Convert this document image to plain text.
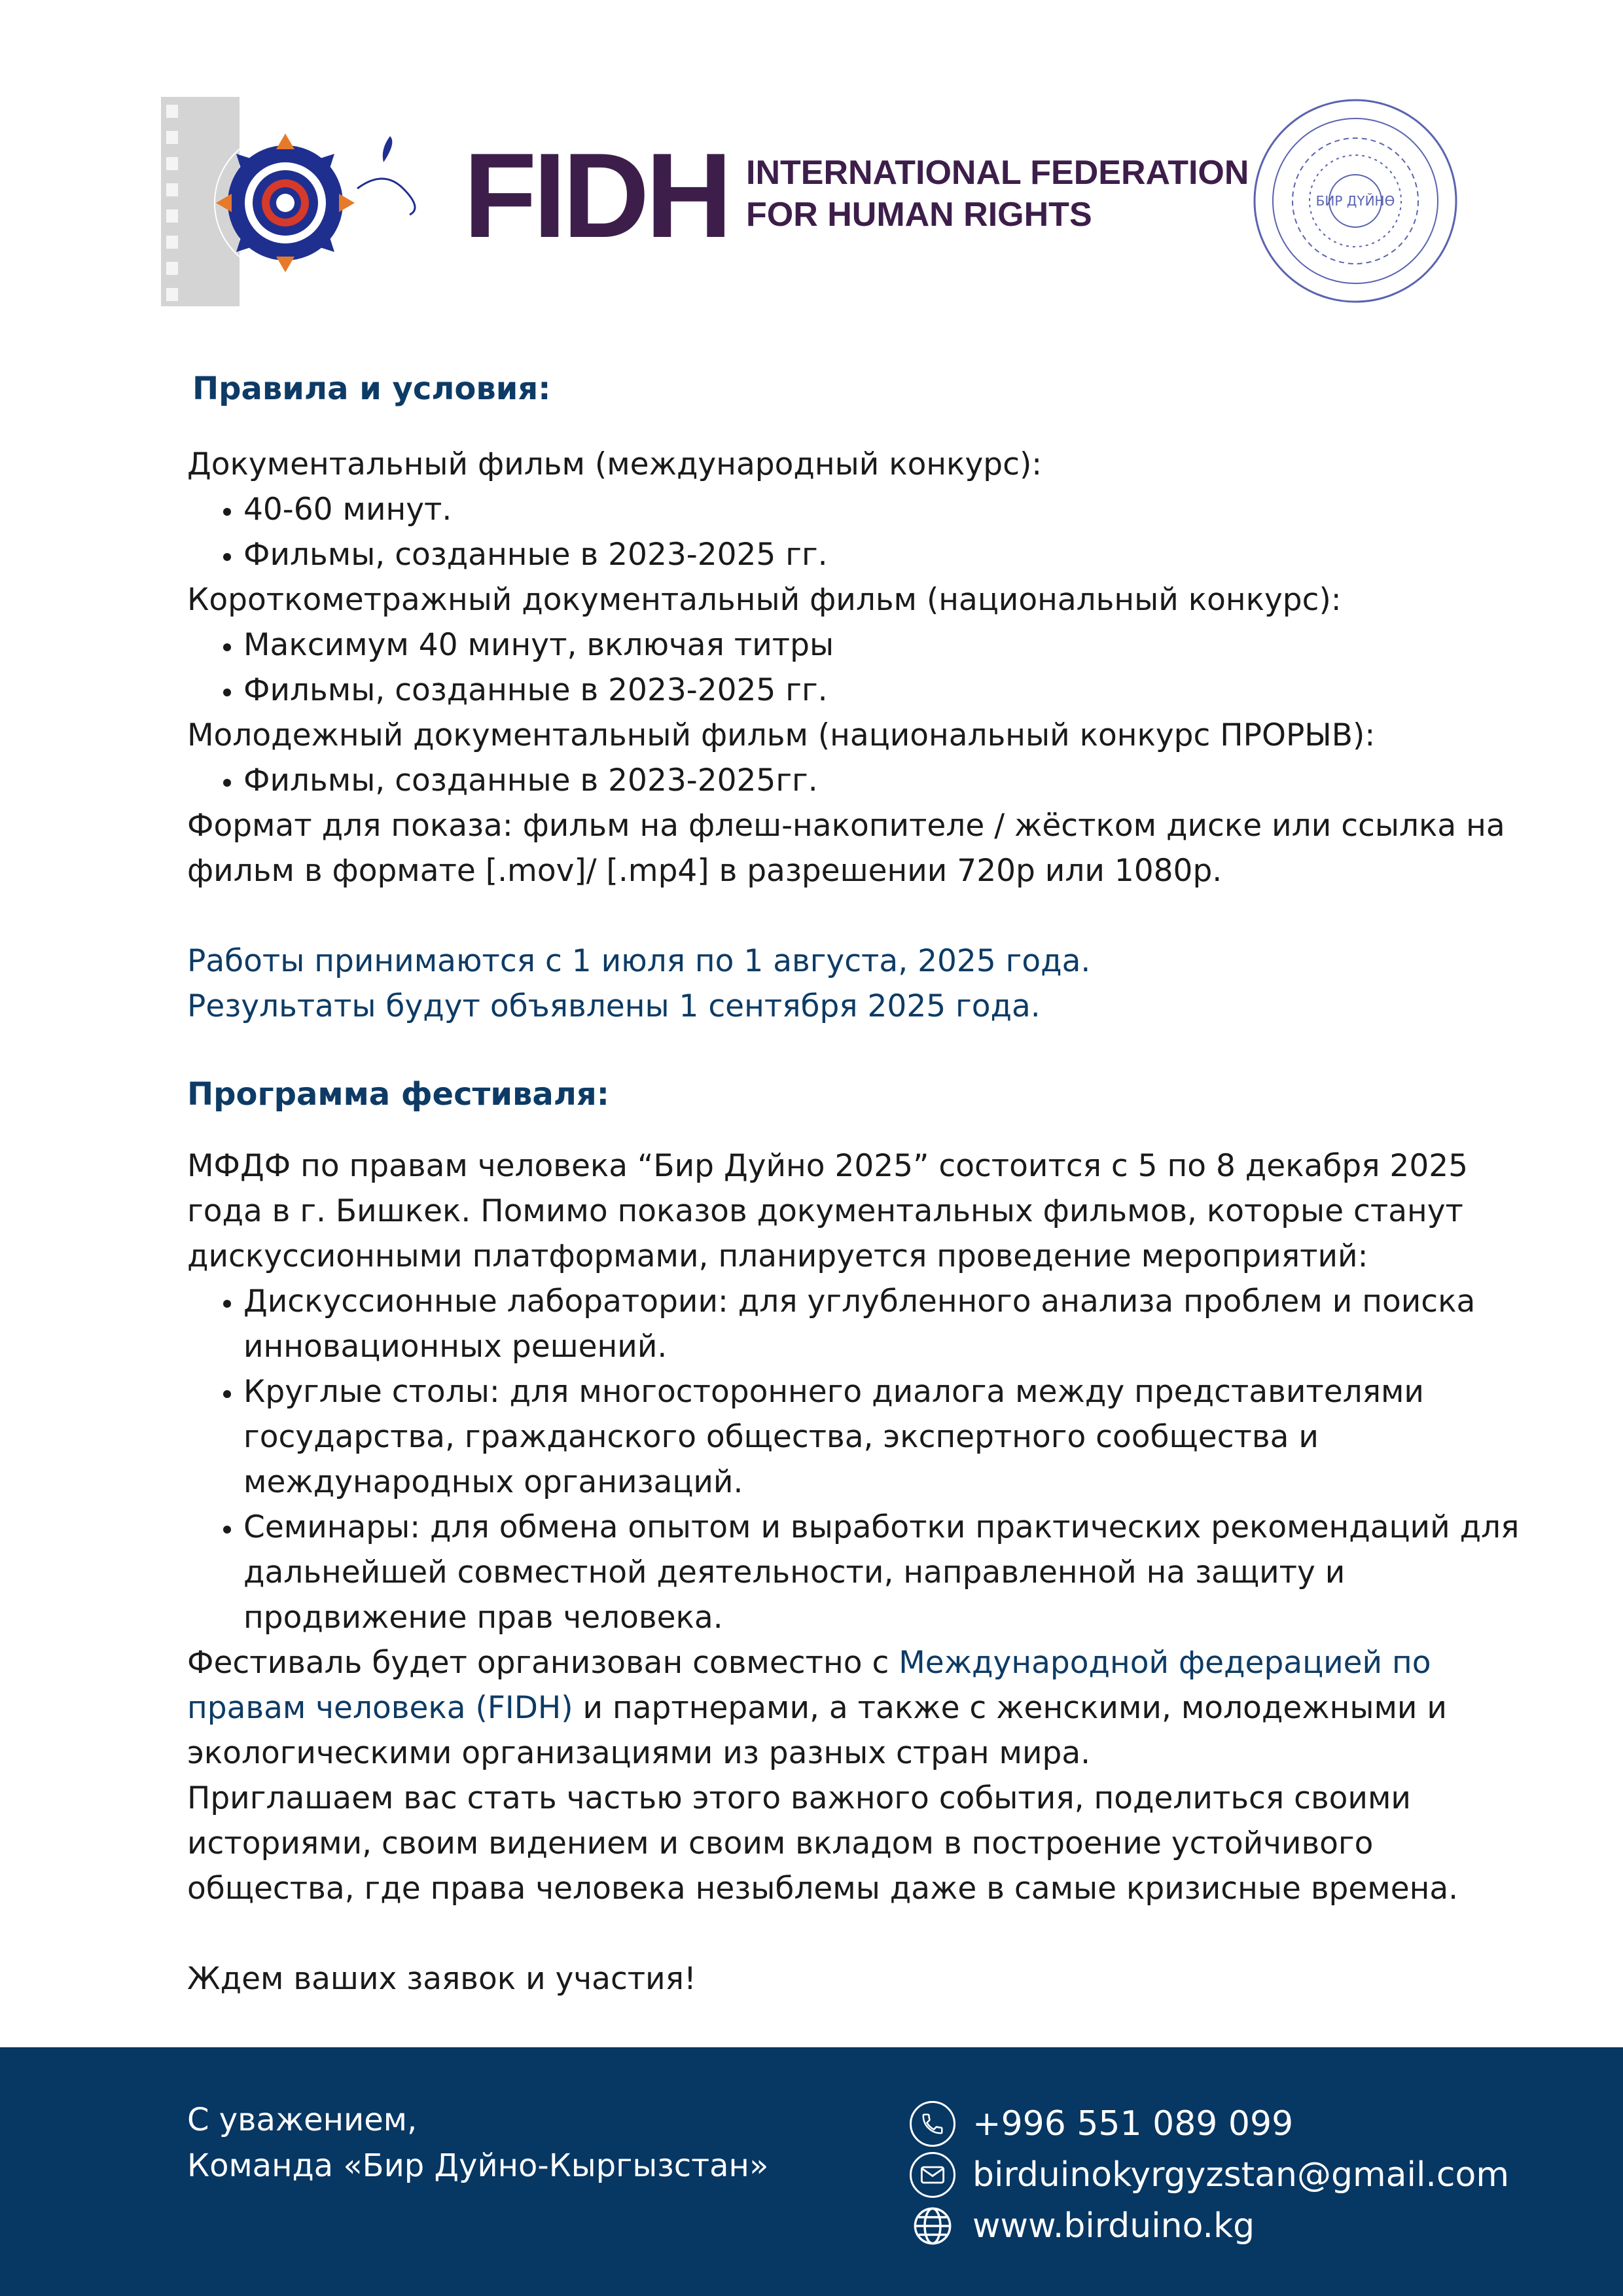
FIDH INTERNATIONAL FEDERATION
FOR HUMAN RIGHTS	БИР ДҮЙНӨ

Правила и условия:

Документальный фильм (международный конкурс):

• 40-60 минут.
• Фильмы, созданные в 2023-2025 гг.

Короткометражный документальный фильм (национальный конкурс):

• Максимум 40 минут, включая титры
• Фильмы, созданные в 2023-2025 гг.

Молодежный документальный фильм (национальный конкурс ПРОРЫВ):

• Фильмы, созданные в 2023-2025гг.

Формат для показа: фильм на флеш-накопителе / жёстком диске или ссылка на фильм в формате [.mov]/ [.mp4] в разрешении 720p или 1080p.

Работы принимаются с 1 июля по 1 августа, 2025 года.

Результаты будут объявлены 1 сентября 2025 года.

Программа фестиваля:

МФДФ по правам человека “Бир Дуйно 2025” состоится с 5 по 8 декабря 2025 года в г. Бишкек. Помимо показов документальных фильмов, которые станут дискуссионными платформами, планируется проведение мероприятий:

• Дискуссионные лаборатории: для углубленного анализа проблем и поиска инновационных решений.
• Круглые столы: для многостороннего диалога между представителями государства, гражданского общества, экспертного сообщества и международных организаций.
• Семинары: для обмена опытом и выработки практических рекомендаций для дальнейшей совместной деятельности, направленной на защиту и продвижение прав человека.

Фестиваль будет организован совместно с Международной федерацией по правам человека (FIDH) и партнерами, а также с женскими, молодежными и экологическими организациями из разных стран мира.

Приглашаем вас стать частью этого важного события, поделиться своими историями, своим видением и своим вкладом в построение устойчивого общества, где права человека незыблемы даже в самые кризисные времена.

Ждем ваших заявок и участия!

С уважением,
Команда «Бир Дуйно-Кыргызстан»
+996 551 089 099
birduinokyrgyzstan@gmail.com
www.birduino.kg
